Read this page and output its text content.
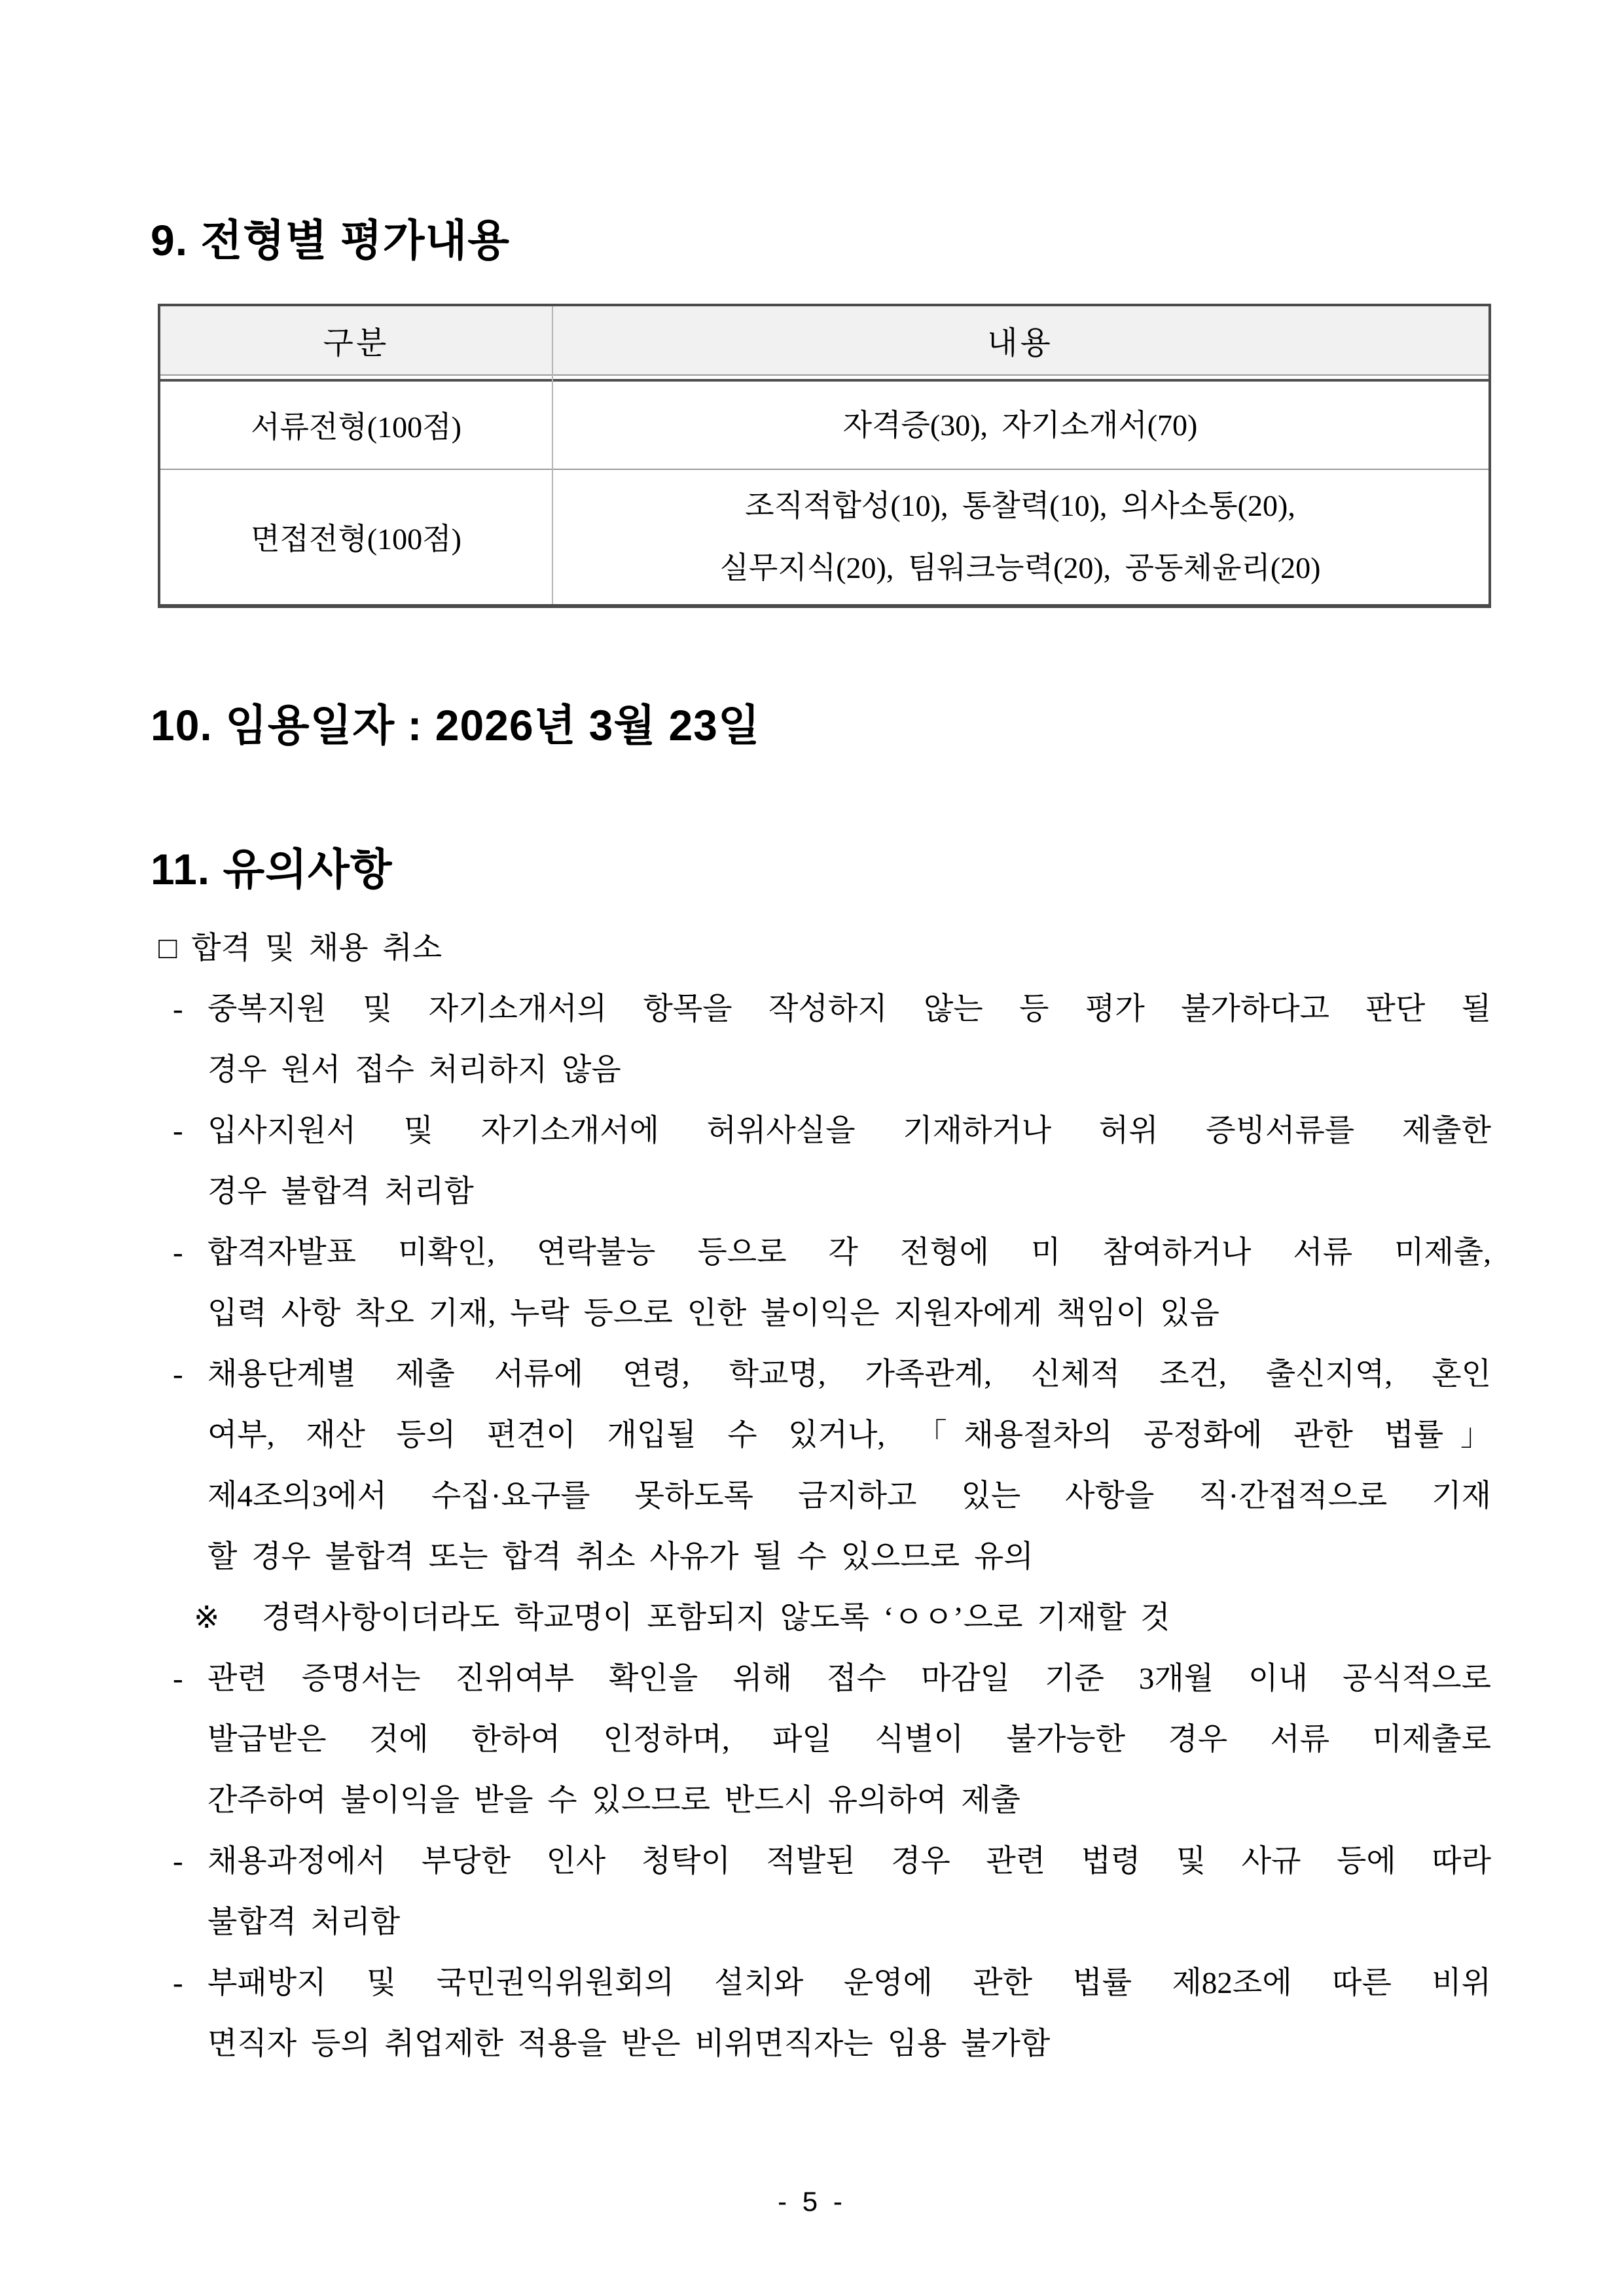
9. 전형별 평가내용
구분	내용
서류전형(100점)	자격증(30), 자기소개서(70)
면접전형(100점)
조직적합성(10), 통찰력(10), 의사소통(20),
실무지식(20), 팀워크능력(20), 공동체윤리(20)
10. 임용일자 : 2026년 3월 23일
11. 유의사항
□ 합격 및 채용 취소
- 중복지원 및 자기소개서의 항목을 작성하지 않는 등 평가 불가하다고 판단 될
경우 원서 접수 처리하지 않음
- 입사지원서 및 자기소개서에 허위사실을 기재하거나 허위 증빙서류를 제출한
경우 불합격 처리함
- 합격자발표 미확인, 연락불능 등으로 각 전형에 미 참여하거나 서류 미제출,
입력 사항 착오 기재, 누락 등으로 인한 불이익은 지원자에게 책임이 있음
- 채용단계별 제출 서류에 연령, 학교명, 가족관계, 신체적 조건, 출신지역, 혼인
여부, 재산 등의 편견이 개입될 수 있거나, 「채용절차의 공정화에 관한 법률」
제4조의3에서 수집·요구를 못하도록 금지하고 있는 사항을 직·간접적으로 기재
할 경우 불합격 또는 합격 취소 사유가 될 수 있으므로 유의
※ 경력사항이더라도 학교명이 포함되지 않도록 ‘ㅇㅇ’으로 기재할 것
- 관련 증명서는 진위여부 확인을 위해 접수 마감일 기준 3개월 이내 공식적으로
발급받은 것에 한하여 인정하며, 파일 식별이 불가능한 경우 서류 미제출로
간주하여 불이익을 받을 수 있으므로 반드시 유의하여 제출
- 채용과정에서 부당한 인사 청탁이 적발된 경우 관련 법령 및 사규 등에 따라
불합격 처리함
- 부패방지 및 국민권익위원회의 설치와 운영에 관한 법률 제82조에 따른 비위
면직자 등의 취업제한 적용을 받은 비위면직자는 임용 불가함
- 5 -
